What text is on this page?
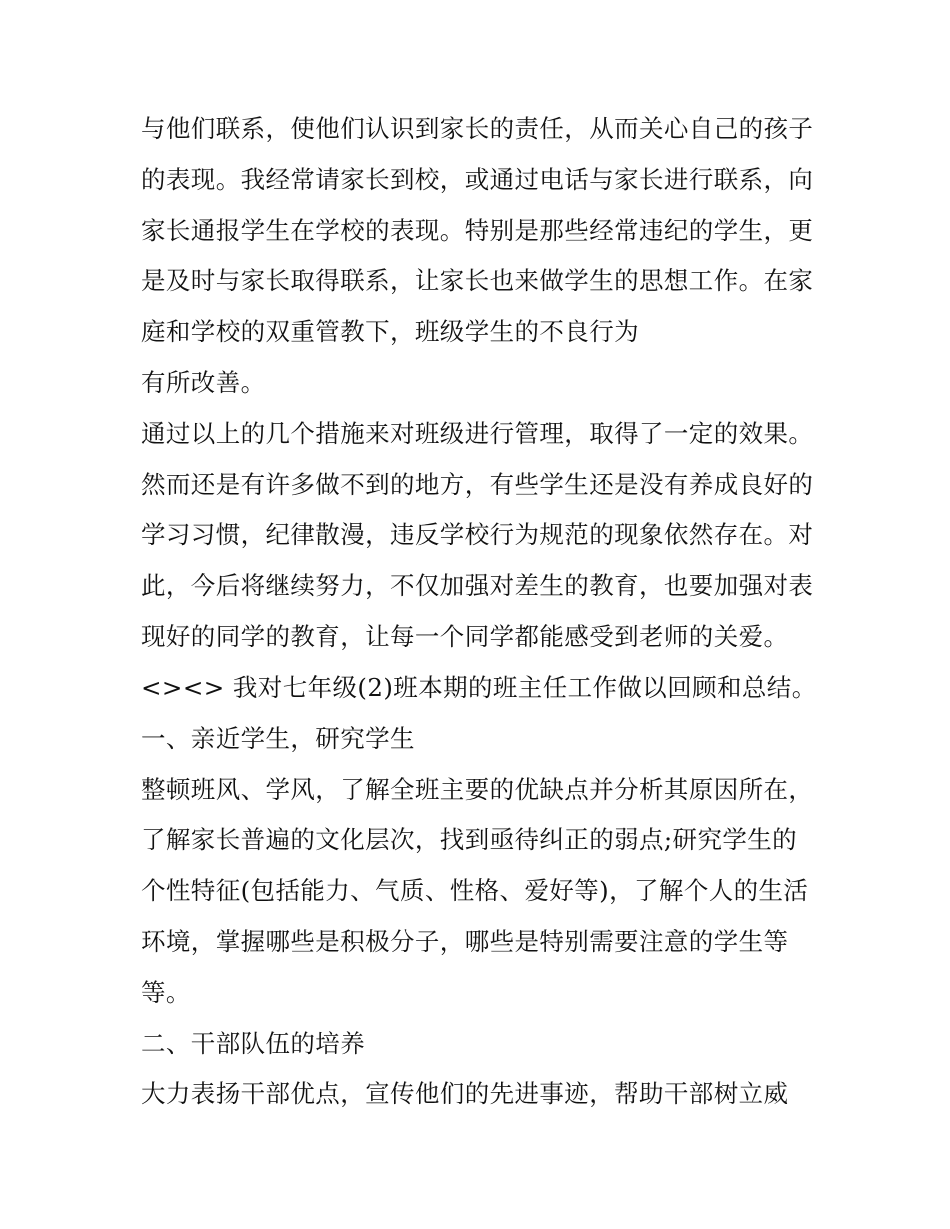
与他们联系，使他们认识到家长的责任，从而关心自己的孩子
的表现。我经常请家长到校，或通过电话与家长进行联系，向
家长通报学生在学校的表现。特别是那些经常违纪的学生，更
是及时与家长取得联系，让家长也来做学生的思想工作。在家
庭和学校的双重管教下，班级学生的不良行为
有所改善。
通过以上的几个措施来对班级进行管理，取得了一定的效果。
然而还是有许多做不到的地方，有些学生还是没有养成良好的
学习习惯，纪律散漫，违反学校行为规范的现象依然存在。对
此，今后将继续努力，不仅加强对差生的教育，也要加强对表
现好的同学的教育，让每一个同学都能感受到老师的关爱。
<><> 我对七年级(2)班本期的班主任工作做以回顾和总结。
一、亲近学生，研究学生
整顿班风、学风，了解全班主要的优缺点并分析其原因所在，
了解家长普遍的文化层次，找到亟待纠正的弱点;研究学生的
个性特征(包括能力、气质、性格、爱好等)，了解个人的生活
环境，掌握哪些是积极分子，哪些是特别需要注意的学生等
等。
二、干部队伍的培养
大力表扬干部优点，宣传他们的先进事迹，帮助干部树立威
